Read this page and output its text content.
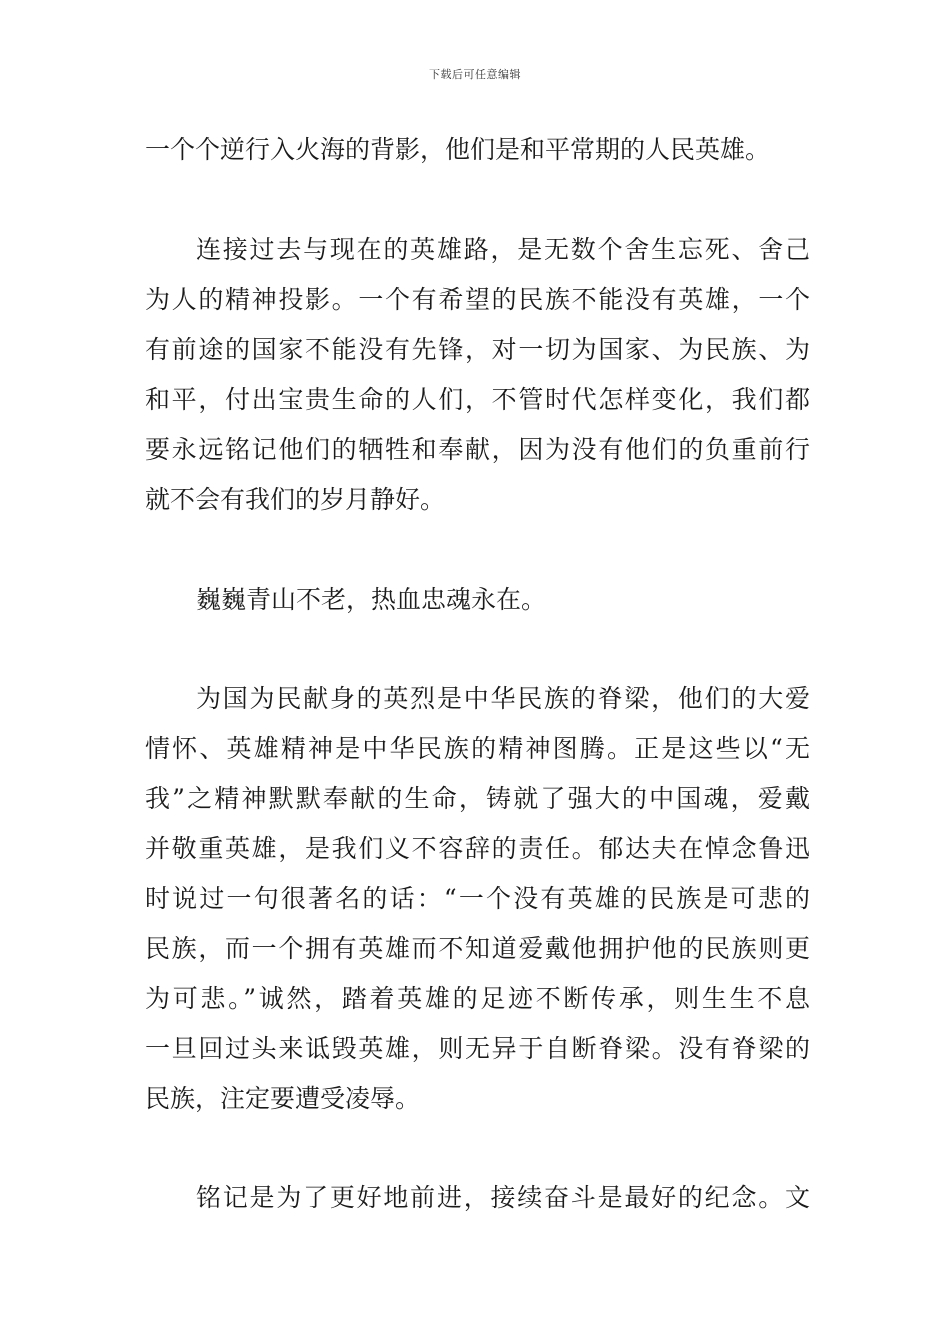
下载后可任意编辑
一个个逆行入火海的背影，他们是和平常期的人民英雄。
连接过去与现在的英雄路，是无数个舍生忘死、舍己
为人的精神投影。一个有希望的民族不能没有英雄，一个
有前途的国家不能没有先锋，对一切为国家、为民族、为
和平，付出宝贵生命的人们，不管时代怎样变化，我们都
要永远铭记他们的牺牲和奉献，因为没有他们的负重前行
就不会有我们的岁月静好。
巍巍青山不老，热血忠魂永在。
为国为民献身的英烈是中华民族的脊梁，他们的大爱
情怀、英雄精神是中华民族的精神图腾。正是这些以“无
我”之精神默默奉献的生命，铸就了强大的中国魂，爱戴
并敬重英雄，是我们义不容辞的责任。郁达夫在悼念鲁迅
时说过一句很著名的话：“一个没有英雄的民族是可悲的
民族，而一个拥有英雄而不知道爱戴他拥护他的民族则更
为可悲。”诚然，踏着英雄的足迹不断传承，则生生不息
一旦回过头来诋毁英雄，则无异于自断脊梁。没有脊梁的
民族，注定要遭受凌辱。
铭记是为了更好地前进，接续奋斗是最好的纪念。文
